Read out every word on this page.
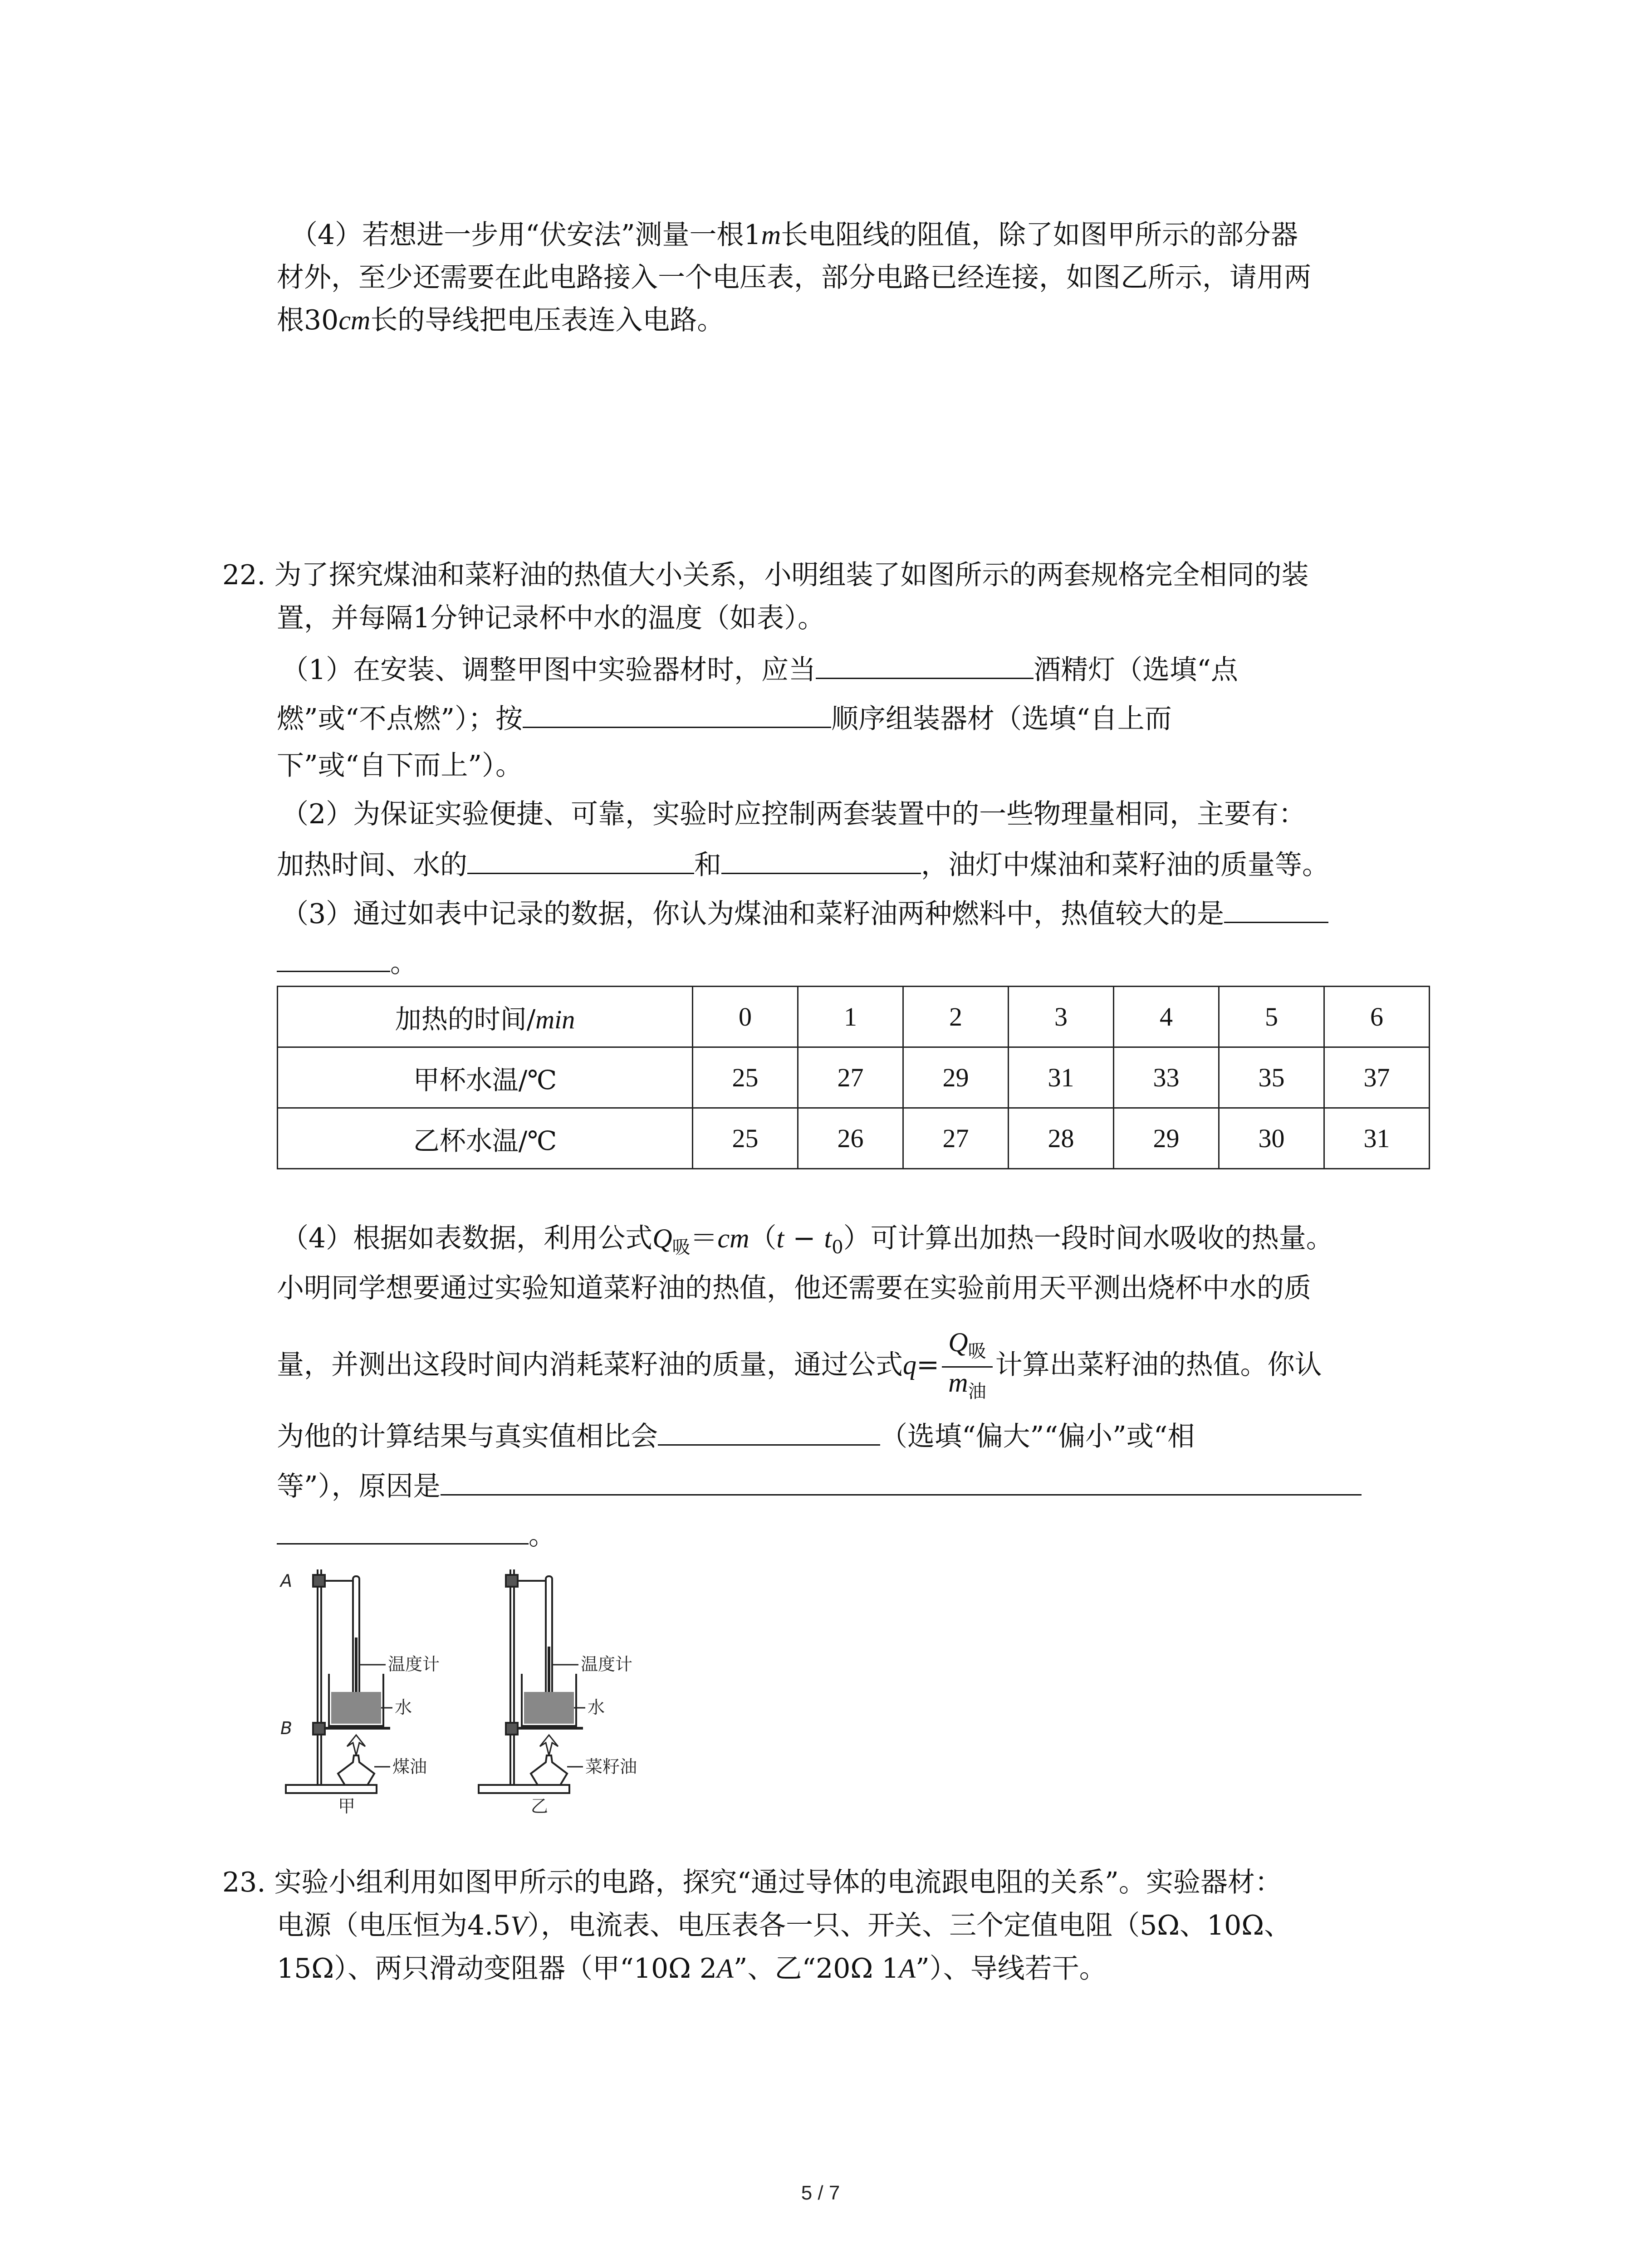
（4）若想进一步用“伏安法”测量一根1m长电阻线的阻值，除了如图甲所示的部分器
材外，至少还需要在此电路接入一个电压表，部分电路已经连接，如图乙所示，请用两
根30cm长的导线把电压表连入电路。
22. 为了探究煤油和菜籽油的热值大小关系，小明组装了如图所示的两套规格完全相同的装
置，并每隔1分钟记录杯中水的温度（如表）。
（1）在安装、调整甲图中实验器材时，应当	酒精灯（选填“点
燃”或“不点燃”）；按	顺序组装器材（选填“自上而
下”或“自下而上”）。
（2）为保证实验便捷、可靠，实验时应控制两套装置中的一些物理量相同，主要有：
加热时间、水的	和	，油灯中煤油和菜籽油的质量等。
（3）通过如表中记录的数据，你认为煤油和菜籽油两种燃料中，热值较大的是
。
加热的时间/min	0	1	2	3	4	5	6
甲杯水温/℃	25	27	29	31	33	35	37
乙杯水温/℃	25	26	27	28	29	30	31
（4）根据如表数据，利用公式$Q_吸=cm(t - t_0)$可计算出加热一段时间水吸收的热量。
小明同学想要通过实验知道菜籽油的热值，他还需要在实验前用天平测出烧杯中水的质
量，并测出这段时间内消耗菜籽油的质量，通过公式$q= \frac{Q_吸}{m_油}$ 计算出菜籽油的热值。你认
为他的计算结果与真实值相比会	（选填“偏大”“偏小”或“相
等”），原因是
。
A
B
温度计
水
煤油
甲
温度计
水
菜籽油
乙
23. 实验小组利用如图甲所示的电路，探究“通过导体的电流跟电阻的关系”。实验器材：
电源（电压恒为4.5V），电流表、电压表各一只、开关、三个定值电阻（5Ω、10Ω、
15Ω）、两只滑动变阻器（甲“10Ω 2A”、乙“20Ω 1A”）、导线若干。
5 / 7
